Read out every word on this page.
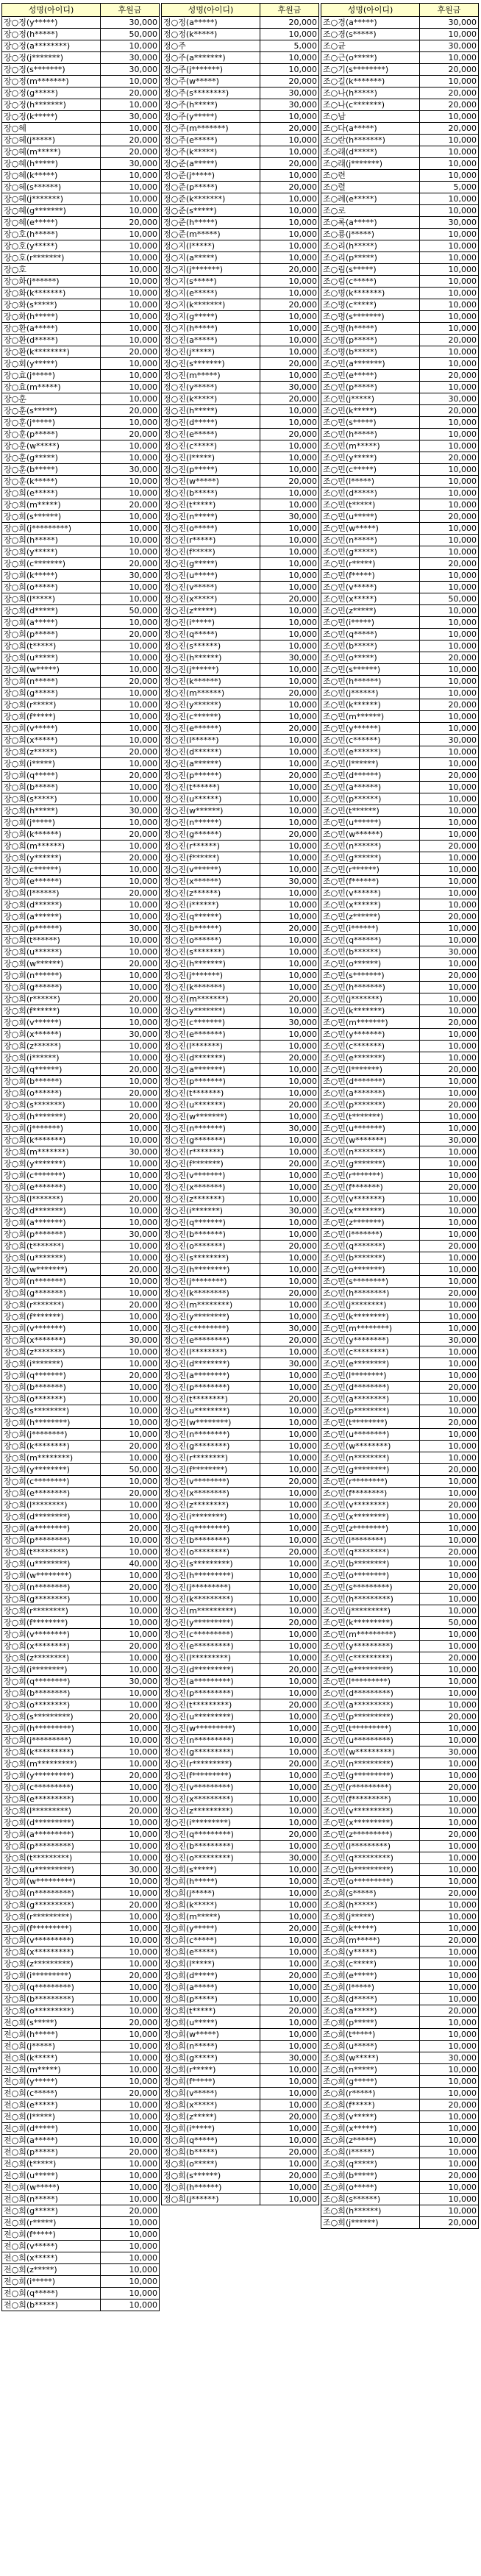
성명(아이디)	후원금
장○정(y*****)	30,000
장○정(h*****)	50,000
장○정(a********)	10,000
장○정(j*******)	30,000
장○정(s*******)	30,000
장○정(m*******)	10,000
장○정(g*****)	20,000
장○정(h*******)	10,000
장○정(k*****)	30,000
장○혜	10,000
장○혜(j*****)	20,000
장○혜(m*****)	20,000
장○혜(h*****)	30,000
장○혜(k*****)	10,000
장○혜(s******)	10,000
장○혜(j*******)	10,000
장○혜(g*******)	10,000
장○혜(e*****)	20,000
장○호(h*****)	10,000
장○호(y*****)	10,000
장○호(r*******)	10,000
장○호	10,000
장○화(j******)	10,000
장○화(k*******)	10,000
장○화(s*****)	10,000
장○화(h*****)	10,000
장○환(a*****)	10,000
장○환(d*****)	10,000
장○환(k********)	20,000
장○회(y*****)	10,000
장○효(j*****)	10,000
장○효(m*****)	10,000
장○훈	10,000
장○훈(s*****)	20,000
장○훈(j*****)	10,000
장○훈(p*****)	20,000
장○훈(w*****)	10,000
장○훈(g*****)	10,000
장○훈(b*****)	30,000
장○훈(k*****)	10,000
장○희(e*****)	10,000
장○희(m*****)	20,000
장○희(s******)	10,000
장○희(j*********)	10,000
장○희(h*****)	10,000
장○희(y*****)	10,000
장○희(c*******)	20,000
장○희(k*****)	30,000
장○희(o*****)	10,000
장○희(l*****)	10,000
장○희(d*****)	50,000
장○희(a*****)	10,000
장○희(p*****)	20,000
장○희(t*****)	10,000
장○희(u*****)	10,000
장○희(w*****)	10,000
장○희(n*****)	20,000
장○희(g*****)	10,000
장○희(r*****)	10,000
장○희(f*****)	10,000
장○희(v*****)	10,000
장○희(x*****)	10,000
장○희(z*****)	20,000
장○희(i*****)	10,000
장○희(q*****)	20,000
장○희(b*****)	10,000
장○희(s*****)	10,000
장○희(h*****)	30,000
장○희(j*****)	10,000
장○희(k******)	20,000
장○희(m******)	10,000
장○희(y******)	20,000
장○희(c******)	10,000
장○희(e******)	10,000
장○희(l******)	20,000
장○희(d******)	10,000
장○희(a******)	10,000
장○희(p******)	30,000
장○희(t******)	10,000
장○희(u******)	10,000
장○희(w******)	20,000
장○희(n******)	10,000
장○희(g******)	10,000
장○희(r******)	20,000
장○희(f******)	10,000
장○희(v******)	10,000
장○희(x******)	30,000
장○희(z******)	10,000
장○희(i******)	10,000
장○희(q******)	20,000
장○희(b******)	10,000
장○희(o******)	20,000
장○희(s*******)	10,000
장○희(h*******)	20,000
장○희(j*******)	10,000
장○희(k*******)	10,000
장○희(m*******)	30,000
장○희(y*******)	10,000
장○희(c*******)	10,000
장○희(e*******)	10,000
장○희(l*******)	20,000
장○희(d*******)	10,000
장○희(a*******)	10,000
장○희(p*******)	30,000
장○희(t*******)	10,000
장○희(u*******)	10,000
장○희(w*******)	20,000
장○희(n*******)	10,000
장○희(g*******)	10,000
장○희(r*******)	20,000
장○희(f*******)	10,000
장○희(v*******)	10,000
장○희(x*******)	30,000
장○희(z*******)	10,000
장○희(i*******)	10,000
장○희(q*******)	20,000
장○희(b*******)	10,000
장○희(o*******)	10,000
장○희(s********)	10,000
장○희(h********)	10,000
장○희(j********)	10,000
장○희(k********)	20,000
장○희(m********)	10,000
장○희(y********)	50,000
장○희(c********)	10,000
장○희(e********)	20,000
장○희(l********)	10,000
장○희(d********)	10,000
장○희(a********)	20,000
장○희(p********)	10,000
장○희(t********)	10,000
장○희(u********)	40,000
장○희(w********)	10,000
장○희(n********)	20,000
장○희(g********)	10,000
장○희(r********)	10,000
장○희(f********)	10,000
장○희(v********)	10,000
장○희(x********)	20,000
장○희(z********)	10,000
장○희(i********)	10,000
장○희(q********)	30,000
장○희(b********)	10,000
장○희(o********)	10,000
장○희(s*********)	20,000
장○희(h*********)	10,000
장○희(j*********)	10,000
장○희(k*********)	10,000
장○희(m*********)	10,000
장○희(y*********)	20,000
장○희(c*********)	10,000
장○희(e*********)	10,000
장○희(l*********)	20,000
장○희(d*********)	10,000
장○희(a*********)	10,000
장○희(p*********)	10,000
장○희(t*********)	10,000
장○희(u*********)	30,000
장○희(w*********)	10,000
장○희(n*********)	10,000
장○희(g*********)	20,000
장○희(r*********)	10,000
장○희(f*********)	10,000
장○희(v*********)	10,000
장○희(x*********)	10,000
장○희(z*********)	10,000
장○희(i*********)	20,000
장○희(q*********)	10,000
장○희(b*********)	10,000
장○희(o*********)	10,000
전○희(s*****)	20,000
전○희(h*****)	10,000
전○희(j*****)	10,000
전○희(k*****)	10,000
전○희(m*****)	10,000
전○희(y*****)	10,000
전○희(c*****)	20,000
전○희(e*****)	10,000
전○희(l*****)	10,000
전○희(d*****)	10,000
전○희(a*****)	10,000
전○희(p*****)	20,000
전○희(t*****)	10,000
전○희(u*****)	10,000
전○희(w*****)	10,000
전○희(n*****)	10,000
전○희(g*****)	20,000
전○희(r*****)	10,000
전○희(f*****)	10,000
전○희(v*****)	10,000
전○희(x*****)	10,000
전○희(z*****)	10,000
전○희(i*****)	10,000
전○희(q*****)	10,000
전○희(b*****)	10,000
성명(아이디)	후원금
정○정(a*****)	20,000
정○정(k*****)	10,000
정○주	5,000
정○주(a*******)	10,000
정○주(j*******)	10,000
정○주(w*****)	20,000
정○주(s********)	30,000
정○주(h*****)	30,000
정○주(y*****)	10,000
정○주(m*******)	20,000
정○주(e*****)	10,000
정○주(k*****)	10,000
정○준(a*****)	20,000
정○준(j*****)	10,000
정○준(p*****)	20,000
정○준(k*******)	10,000
정○준(s*****)	10,000
정○준(h*****)	10,000
정○준(m*****)	10,000
정○지(l*****)	10,000
정○지(a*****)	10,000
정○지(j*******)	20,000
정○지(s*****)	10,000
정○지(e*****)	10,000
정○지(k*******)	20,000
정○지(g*****)	10,000
정○지(h*****)	10,000
정○진(a*****)	10,000
정○진(j*****)	10,000
정○진(s*******)	20,000
정○진(m*****)	10,000
정○진(y*****)	30,000
정○진(k*****)	20,000
정○진(h*****)	10,000
정○진(d*****)	10,000
정○진(e*****)	20,000
정○진(c*****)	10,000
정○진(l*****)	10,000
정○진(p*****)	10,000
정○진(w*****)	20,000
정○진(b*****)	10,000
정○진(t*****)	10,000
정○진(n*****)	30,000
정○진(o*****)	10,000
정○진(r*****)	10,000
정○진(f*****)	10,000
정○진(g*****)	10,000
정○진(u*****)	10,000
정○진(v*****)	10,000
정○진(x*****)	20,000
정○진(z*****)	10,000
정○진(i*****)	10,000
정○진(q*****)	10,000
정○진(s******)	10,000
정○진(h******)	30,000
정○진(j******)	10,000
정○진(k******)	10,000
정○진(m******)	20,000
정○진(y******)	10,000
정○진(c******)	10,000
정○진(e******)	20,000
정○진(l******)	10,000
정○진(d******)	10,000
정○진(a******)	10,000
정○진(p******)	20,000
정○진(t******)	10,000
정○진(u******)	10,000
정○진(w******)	10,000
정○진(n******)	10,000
정○진(g******)	20,000
정○진(r******)	10,000
정○진(f******)	10,000
정○진(v******)	10,000
정○진(x******)	30,000
정○진(z******)	10,000
정○진(i******)	10,000
정○진(q******)	10,000
정○진(b******)	20,000
정○진(o******)	10,000
정○진(s*******)	10,000
정○진(h*******)	10,000
정○진(j*******)	10,000
정○진(k*******)	10,000
정○진(m*******)	20,000
정○진(y*******)	10,000
정○진(c*******)	30,000
정○진(e*******)	10,000
정○진(l*******)	10,000
정○진(d*******)	20,000
정○진(a*******)	10,000
정○진(p*******)	10,000
정○진(t*******)	10,000
정○진(u*******)	20,000
정○진(w*******)	10,000
정○진(n*******)	30,000
정○진(g*******)	10,000
정○진(r*******)	10,000
정○진(f*******)	20,000
정○진(v*******)	10,000
정○진(x*******)	10,000
정○진(z*******)	10,000
정○진(i*******)	30,000
정○진(q*******)	10,000
정○진(b*******)	10,000
정○진(o*******)	20,000
정○진(s********)	10,000
정○진(h********)	10,000
정○진(j********)	10,000
정○진(k********)	20,000
정○진(m********)	10,000
정○진(y********)	10,000
정○진(c********)	30,000
정○진(e********)	20,000
정○진(l********)	10,000
정○진(d********)	30,000
정○진(a********)	10,000
정○진(p********)	10,000
정○진(t********)	20,000
정○진(u********)	10,000
정○진(w********)	10,000
정○진(n********)	10,000
정○진(g********)	10,000
정○진(r********)	10,000
정○진(f********)	10,000
정○진(v********)	20,000
정○진(x********)	10,000
정○진(z********)	10,000
정○진(i********)	10,000
정○진(q********)	10,000
정○진(b********)	10,000
정○진(o********)	20,000
정○진(s*********)	10,000
정○진(h*********)	10,000
정○진(j*********)	10,000
정○진(k*********)	10,000
정○진(m*********)	10,000
정○진(y*********)	20,000
정○진(c*********)	10,000
정○진(e*********)	10,000
정○진(l*********)	10,000
정○진(d*********)	20,000
정○진(a*********)	10,000
정○진(p*********)	10,000
정○진(t*********)	20,000
정○진(u*********)	10,000
정○진(w*********)	10,000
정○진(n*********)	10,000
정○진(g*********)	10,000
정○진(r*********)	20,000
정○진(f*********)	10,000
정○진(v*********)	10,000
정○진(x*********)	10,000
정○진(z*********)	10,000
정○진(i*********)	10,000
정○진(q*********)	20,000
정○진(b*********)	10,000
정○진(o*********)	30,000
정○희(s*****)	10,000
정○희(h*****)	10,000
정○희(j*****)	10,000
정○희(k*****)	10,000
정○희(m*****)	10,000
정○희(y*****)	20,000
정○희(c*****)	10,000
정○희(e*****)	10,000
정○희(l*****)	10,000
정○희(d*****)	20,000
정○희(a*****)	10,000
정○희(p*****)	10,000
정○희(t*****)	20,000
정○희(u*****)	10,000
정○희(w*****)	10,000
정○희(n*****)	10,000
정○희(g*****)	30,000
정○희(r*****)	10,000
정○희(f*****)	10,000
정○희(v*****)	10,000
정○희(x*****)	10,000
정○희(z*****)	20,000
정○희(i*****)	10,000
정○희(q*****)	10,000
정○희(b*****)	20,000
정○희(o*****)	10,000
정○희(s******)	20,000
정○희(h******)	10,000
정○희(j******)	10,000
성명(아이디)	후원금
조○경(a*****)	30,000
조○경(s*****)	10,000
조○균	30,000
조○근(o*****)	10,000
조○기(s********)	20,000
조○길(k*******)	10,000
조○나(h*****)	20,000
조○나(c*******)	20,000
조○남	10,000
조○다(a*****)	20,000
조○란(h*******)	10,000
조○래(d*****)	10,000
조○래(j*******)	10,000
조○련	10,000
조○렬	5,000
조○례(e*****)	10,000
조○로	10,000
조○록(a*****)	30,000
조○룡(j*****)	10,000
조○리(h*****)	10,000
조○리(p*****)	10,000
조○림(s*****)	10,000
조○림(c*****)	10,000
조○명(k*******)	10,000
조○명(c*****)	10,000
조○명(s*******)	10,000
조○명(h*****)	10,000
조○명(p*****)	20,000
조○명(b*****)	10,000
조○민(a*******)	10,000
조○민(e*****)	20,000
조○민(p*****)	10,000
조○민(j*****)	30,000
조○민(k*****)	20,000
조○민(s*****)	10,000
조○민(h*****)	10,000
조○민(m*****)	10,000
조○민(y*****)	20,000
조○민(c*****)	10,000
조○민(l*****)	10,000
조○민(d*****)	10,000
조○민(t*****)	10,000
조○민(u*****)	20,000
조○민(w*****)	10,000
조○민(n*****)	10,000
조○민(g*****)	10,000
조○민(r*****)	20,000
조○민(f*****)	10,000
조○민(v*****)	10,000
조○민(x*****)	50,000
조○민(z*****)	10,000
조○민(i*****)	10,000
조○민(q*****)	10,000
조○민(b*****)	10,000
조○민(o*****)	20,000
조○민(s******)	10,000
조○민(h******)	10,000
조○민(j******)	10,000
조○민(k******)	20,000
조○민(m******)	10,000
조○민(y******)	10,000
조○민(c******)	30,000
조○민(e******)	10,000
조○민(l******)	10,000
조○민(d******)	20,000
조○민(a******)	10,000
조○민(p******)	10,000
조○민(t******)	10,000
조○민(u******)	10,000
조○민(w******)	10,000
조○민(n******)	20,000
조○민(g******)	10,000
조○민(r******)	10,000
조○민(f******)	10,000
조○민(v******)	10,000
조○민(x******)	10,000
조○민(z******)	20,000
조○민(i******)	10,000
조○민(q******)	10,000
조○민(b******)	30,000
조○민(o******)	10,000
조○민(s*******)	20,000
조○민(h*******)	10,000
조○민(j*******)	10,000
조○민(k*******)	10,000
조○민(m*******)	20,000
조○민(y*******)	10,000
조○민(c*******)	10,000
조○민(e*******)	10,000
조○민(l*******)	20,000
조○민(d*******)	10,000
조○민(a*******)	10,000
조○민(p*******)	20,000
조○민(t*******)	10,000
조○민(u*******)	10,000
조○민(w*******)	30,000
조○민(n*******)	10,000
조○민(g*******)	10,000
조○민(r*******)	10,000
조○민(f*******)	20,000
조○민(v*******)	10,000
조○민(x*******)	10,000
조○민(z*******)	10,000
조○민(i*******)	10,000
조○민(q*******)	20,000
조○민(b*******)	10,000
조○민(o*******)	10,000
조○민(s********)	10,000
조○민(h********)	20,000
조○민(j********)	10,000
조○민(k********)	10,000
조○민(m********)	10,000
조○민(y********)	30,000
조○민(c********)	10,000
조○민(e********)	10,000
조○민(l********)	10,000
조○민(d********)	20,000
조○민(a********)	10,000
조○민(p********)	10,000
조○민(t********)	20,000
조○민(u********)	10,000
조○민(w********)	10,000
조○민(n********)	10,000
조○민(g********)	20,000
조○민(r********)	10,000
조○민(f********)	10,000
조○민(v********)	20,000
조○민(x********)	10,000
조○민(z********)	10,000
조○민(i********)	10,000
조○민(q********)	20,000
조○민(b********)	10,000
조○민(o********)	10,000
조○민(s*********)	20,000
조○민(h*********)	10,000
조○민(j*********)	10,000
조○민(k*********)	50,000
조○민(m*********)	10,000
조○민(y*********)	10,000
조○민(c*********)	20,000
조○민(e*********)	10,000
조○민(l*********)	10,000
조○민(d*********)	10,000
조○민(a*********)	10,000
조○민(p*********)	20,000
조○민(t*********)	10,000
조○민(u*********)	10,000
조○민(w*********)	30,000
조○민(n*********)	10,000
조○민(g*********)	10,000
조○민(r*********)	20,000
조○민(f*********)	10,000
조○민(v*********)	10,000
조○민(x*********)	10,000
조○민(z*********)	20,000
조○민(i*********)	10,000
조○민(q*********)	10,000
조○민(b*********)	10,000
조○민(o*********)	10,000
조○희(s*****)	20,000
조○희(h*****)	10,000
조○희(j*****)	10,000
조○희(k*****)	10,000
조○희(m*****)	20,000
조○희(y*****)	10,000
조○희(c*****)	10,000
조○희(e*****)	10,000
조○희(l*****)	10,000
조○희(d*****)	10,000
조○희(a*****)	20,000
조○희(p*****)	10,000
조○희(t*****)	10,000
조○희(u*****)	10,000
조○희(w*****)	30,000
조○희(n*****)	10,000
조○희(g*****)	10,000
조○희(r*****)	10,000
조○희(f*****)	20,000
조○희(v*****)	10,000
조○희(x*****)	10,000
조○희(z*****)	10,000
조○희(i*****)	10,000
조○희(q*****)	10,000
조○희(b*****)	20,000
조○희(o*****)	10,000
조○희(s******)	10,000
조○희(h******)	10,000
조○희(j******)	20,000
